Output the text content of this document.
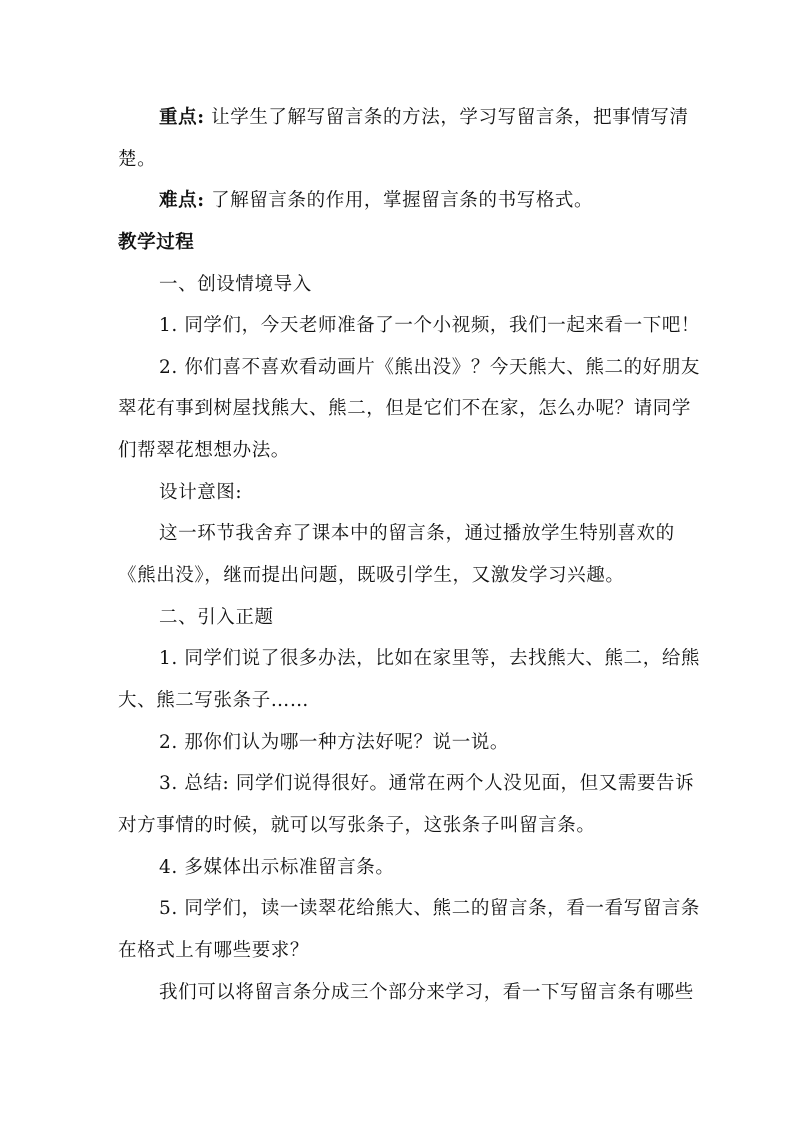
重点: 让学生了解写留言条的方法，学习写留言条，把事情写清
楚。
难点: 了解留言条的作用，掌握留言条的书写格式。
教学过程
一、创设情境导入
1. 同学们，今天老师准备了一个小视频，我们一起来看一下吧！
2. 你们喜不喜欢看动画片《熊出没》？今天熊大、熊二的好朋友
翠花有事到树屋找熊大、熊二，但是它们不在家，怎么办呢？请同学
们帮翠花想想办法。
设计意图:
这一环节我舍弃了课本中的留言条，通过播放学生特别喜欢的
《熊出没》，继而提出问题，既吸引学生，又激发学习兴趣。
二、引入正题
1. 同学们说了很多办法，比如在家里等，去找熊大、熊二，给熊
大、熊二写张条子……
2. 那你们认为哪一种方法好呢？说一说。
3. 总结: 同学们说得很好。通常在两个人没见面，但又需要告诉
对方事情的时候，就可以写张条子，这张条子叫留言条。
4. 多媒体出示标准留言条。
5. 同学们，读一读翠花给熊大、熊二的留言条，看一看写留言条
在格式上有哪些要求？
我们可以将留言条分成三个部分来学习，看一下写留言条有哪些
